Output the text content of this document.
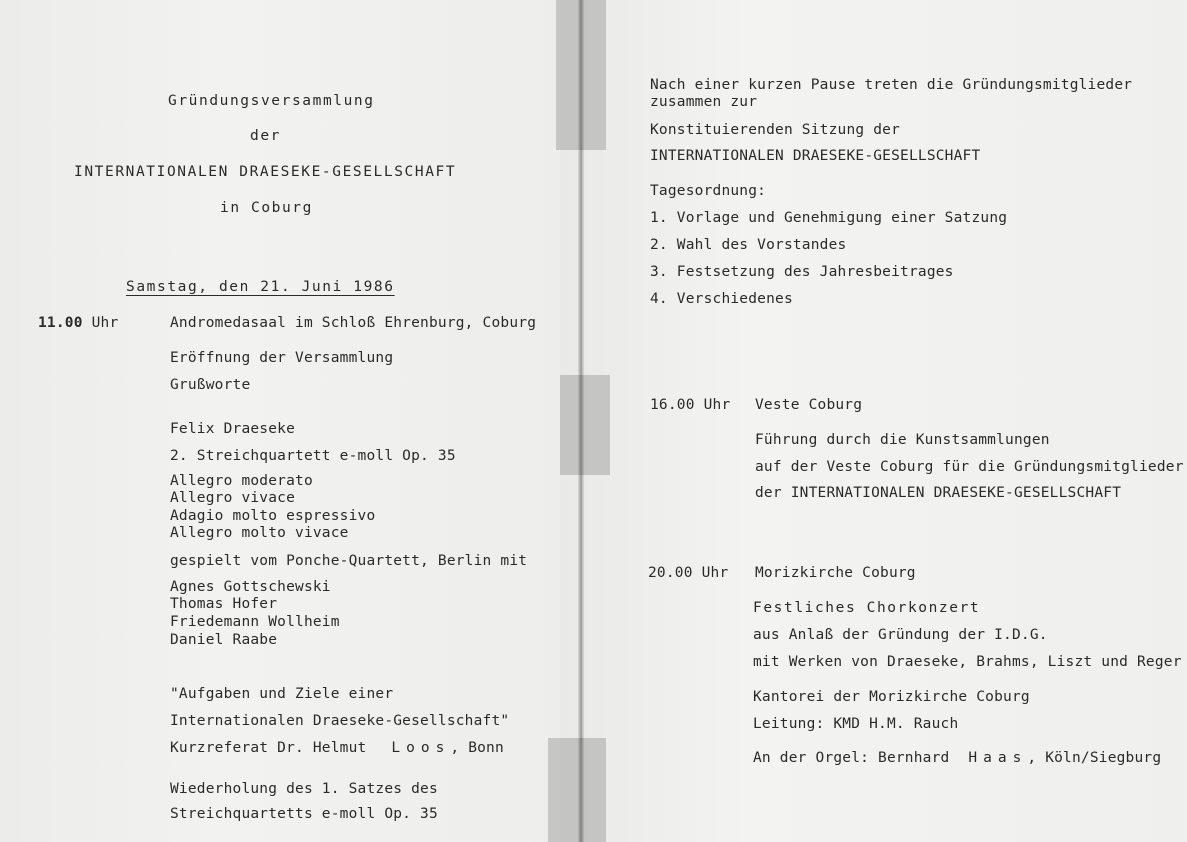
Gründungsversammlung
der
INTERNATIONALEN DRAESEKE-GESELLSCHAFT
in Coburg
Samstag, den 21. Juni 1986
11.00 Uhr	Andromedasaal im Schloß Ehrenburg, Coburg
Eröffnung der Versammlung
Grußworte
Felix Draeseke
2. Streichquartett e-moll Op. 35
Allegro moderato
Allegro vivace
Adagio molto espressivo
Allegro molto vivace
gespielt vom Ponche-Quartett, Berlin mit
Agnes Gottschewski
Thomas Hofer
Friedemann Wollheim
Daniel Raabe
"Aufgaben und Ziele einer
Internationalen Draeseke-Gesellschaft"
Kurzreferat Dr. Helmut Loos, Bonn
Wiederholung des 1. Satzes des
Streichquartetts e-moll Op. 35
Nach einer kurzen Pause treten die Gründungsmitglieder
zusammen zur
Konstituierenden Sitzung der
INTERNATIONALEN DRAESEKE-GESELLSCHAFT
Tagesordnung:
1. Vorlage und Genehmigung einer Satzung
2. Wahl des Vorstandes
3. Festsetzung des Jahresbeitrages
4. Verschiedenes
16.00 Uhr Veste Coburg
Führung durch die Kunstsammlungen
auf der Veste Coburg für die Gründungsmitglieder
der INTERNATIONALEN DRAESEKE-GESELLSCHAFT
20.00 Uhr Morizkirche Coburg
Festliches Chorkonzert
aus Anlaß der Gründung der I.D.G.
mit Werken von Draeseke, Brahms, Liszt und Reger
Kantorei der Morizkirche Coburg
Leitung: KMD H.M. Rauch
An der Orgel: Bernhard Haas, Köln/Siegburg
